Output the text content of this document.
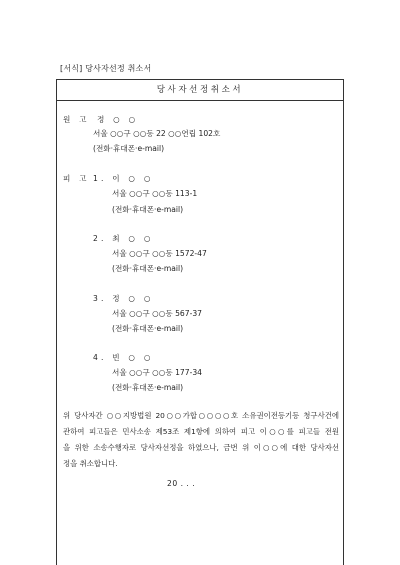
[서식] 당사자선정 취소서
당사자선정취소서
원 고 정 ○ ○
서울 ○○구 ○○동 22 ○○연립 102호
(전화·휴대폰·e-mail)
피 고 1. 이 ○ ○
서울 ○○구 ○○동 113-1
(전화·휴대폰·e-mail)
2. 최 ○ ○
서울 ○○구 ○○동 1572-47
(전화·휴대폰·e-mail)
3. 정 ○ ○
서울 ○○구 ○○동 567-37
(전화·휴대폰·e-mail)
4. 빈 ○ ○
서울 ○○구 ○○동 177-34
(전화·휴대폰·e-mail)
위 당사자간 ○○지방법원 20○○가합○○○○호 소유권이전등기등 청구사건에
관하여 피고들은 민사소송 제53조 제1항에 의하여 피고 이○○를 피고들 전원
을 위한 소송수행자로 당사자선정을 하였으나, 금번 위 이○○에 대한 당사자선
정을 취소합니다.
20 . . .
